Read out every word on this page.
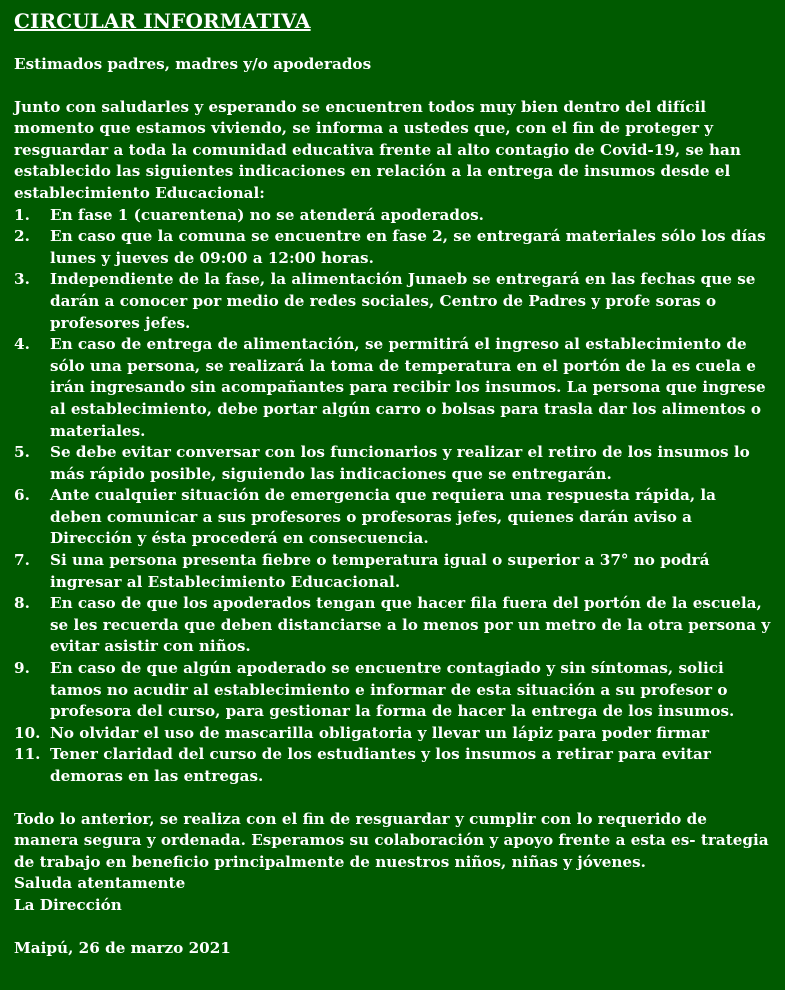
CIRCULAR INFORMATIVA
Estimados padres, madres y/o apoderados
Junto con saludarles y esperando se encuentren todos muy bien dentro del difícil momento que estamos viviendo, se informa a ustedes que, con el fin de proteger y resguardar a toda la comunidad educativa frente al alto contagio de Covid-19, se han establecido las siguientes indicaciones en relación a la entrega de insumos desde el establecimiento Educacional:
1.	En fase 1 (cuarentena) no se atenderá apoderados.
2.	En caso que la comuna se encuentre en fase 2, se entregará materiales sólo los días lunes y jueves de 09:00 a 12:00 horas.
3.	Independiente de la fase, la alimentación Junaeb se entregará en las fechas que se darán a conocer por medio de redes sociales, Centro de Padres y profe soras o profesores jefes.
4.	En caso de entrega de alimentación, se permitirá el ingreso al establecimiento de sólo una persona, se realizará la toma de temperatura en el portón de la es cuela e irán ingresando sin acompañantes para recibir los insumos. La persona que ingrese al establecimiento, debe portar algún carro o bolsas para trasla dar los alimentos o materiales.
5.	Se debe evitar conversar con los funcionarios y realizar el retiro de los insumos lo más rápido posible, siguiendo las indicaciones que se entregarán.
6.	Ante cualquier situación de emergencia que requiera una respuesta rápida, la deben comunicar a sus profesores o profesoras jefes, quienes darán aviso a Dirección y ésta procederá en consecuencia.
7.	Si una persona presenta fiebre o temperatura igual o superior a 37° no podrá ingresar al Establecimiento Educacional.
8.	En caso de que los apoderados tengan que hacer fila fuera del portón de la escuela, se les recuerda que deben distanciarse a lo menos por un metro de la otra persona y evitar asistir con niños.
9.	En caso de que algún apoderado se encuentre contagiado y sin síntomas, solici tamos no acudir al establecimiento e informar de esta situación a su profesor o profesora del curso, para gestionar la forma de hacer la entrega de los insumos.
10. No olvidar el uso de mascarilla obligatoria y llevar un lápiz para poder firmar
11. Tener claridad del curso de los estudiantes y los insumos a retirar para evitar demoras en las entregas.
Todo lo anterior, se realiza con el fin de resguardar y cumplir con lo requerido de manera segura y ordenada. Esperamos su colaboración y apoyo frente a esta es- trategia de trabajo en beneficio principalmente de nuestros niños, niñas y jóvenes.
Saluda atentamente
La Dirección
Maipú, 26 de marzo 2021
